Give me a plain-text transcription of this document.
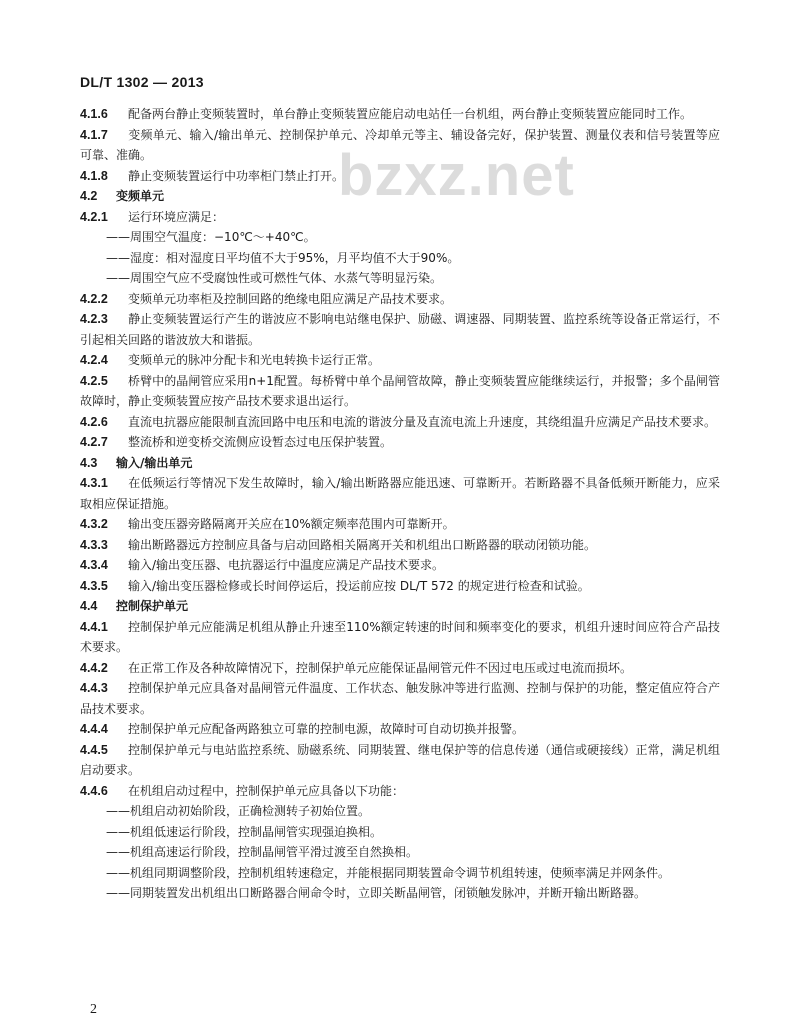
DL/T 1302 — 2013
bzxz.net

4.1.6 配备两台静止变频装置时，单台静止变频装置应能启动电站任一台机组，两台静止变频装置应能同时工作。

4.1.7 变频单元、输入/输出单元、控制保护单元、冷却单元等主、辅设备完好，保护装置、测量仪表和信号装置等应可靠、准确。

4.1.8 静止变频装置运行中功率柜门禁止打开。

4.2 变频单元

4.2.1 运行环境应满足：

——周围空气温度：−10℃～+40℃。

——湿度：相对湿度日平均值不大于95%，月平均值不大于90%。

——周围空气应不受腐蚀性或可燃性气体、水蒸气等明显污染。

4.2.2 变频单元功率柜及控制回路的绝缘电阻应满足产品技术要求。

4.2.3 静止变频装置运行产生的谐波应不影响电站继电保护、励磁、调速器、同期装置、监控系统等设备正常运行，不引起相关回路的谐波放大和谐振。

4.2.4 变频单元的脉冲分配卡和光电转换卡运行正常。

4.2.5 桥臂中的晶闸管应采用n+1配置。每桥臂中单个晶闸管故障，静止变频装置应能继续运行，并报警；多个晶闸管故障时，静止变频装置应按产品技术要求退出运行。

4.2.6 直流电抗器应能限制直流回路中电压和电流的谐波分量及直流电流上升速度，其绕组温升应满足产品技术要求。

4.2.7 整流桥和逆变桥交流侧应设暂态过电压保护装置。

4.3 输入/输出单元

4.3.1 在低频运行等情况下发生故障时，输入/输出断路器应能迅速、可靠断开。若断路器不具备低频开断能力，应采取相应保证措施。

4.3.2 输出变压器旁路隔离开关应在10%额定频率范围内可靠断开。

4.3.3 输出断路器远方控制应具备与启动回路相关隔离开关和机组出口断路器的联动闭锁功能。

4.3.4 输入/输出变压器、电抗器运行中温度应满足产品技术要求。

4.3.5 输入/输出变压器检修或长时间停运后，投运前应按 DL/T 572 的规定进行检查和试验。

4.4 控制保护单元

4.4.1 控制保护单元应能满足机组从静止升速至110%额定转速的时间和频率变化的要求，机组升速时间应符合产品技术要求。

4.4.2 在正常工作及各种故障情况下，控制保护单元应能保证晶闸管元件不因过电压或过电流而损坏。

4.4.3 控制保护单元应具备对晶闸管元件温度、工作状态、触发脉冲等进行监测、控制与保护的功能，整定值应符合产品技术要求。

4.4.4 控制保护单元应配备两路独立可靠的控制电源，故障时可自动切换并报警。

4.4.5 控制保护单元与电站监控系统、励磁系统、同期装置、继电保护等的信息传递（通信或硬接线）正常，满足机组启动要求。

4.4.6 在机组启动过程中，控制保护单元应具备以下功能：

——机组启动初始阶段，正确检测转子初始位置。

——机组低速运行阶段，控制晶闸管实现强迫换相。

——机组高速运行阶段，控制晶闸管平滑过渡至自然换相。

——机组同期调整阶段，控制机组转速稳定，并能根据同期装置命令调节机组转速，使频率满足并网条件。

——同期装置发出机组出口断路器合闸命令时，立即关断晶闸管，闭锁触发脉冲，并断开输出断路器。

2
